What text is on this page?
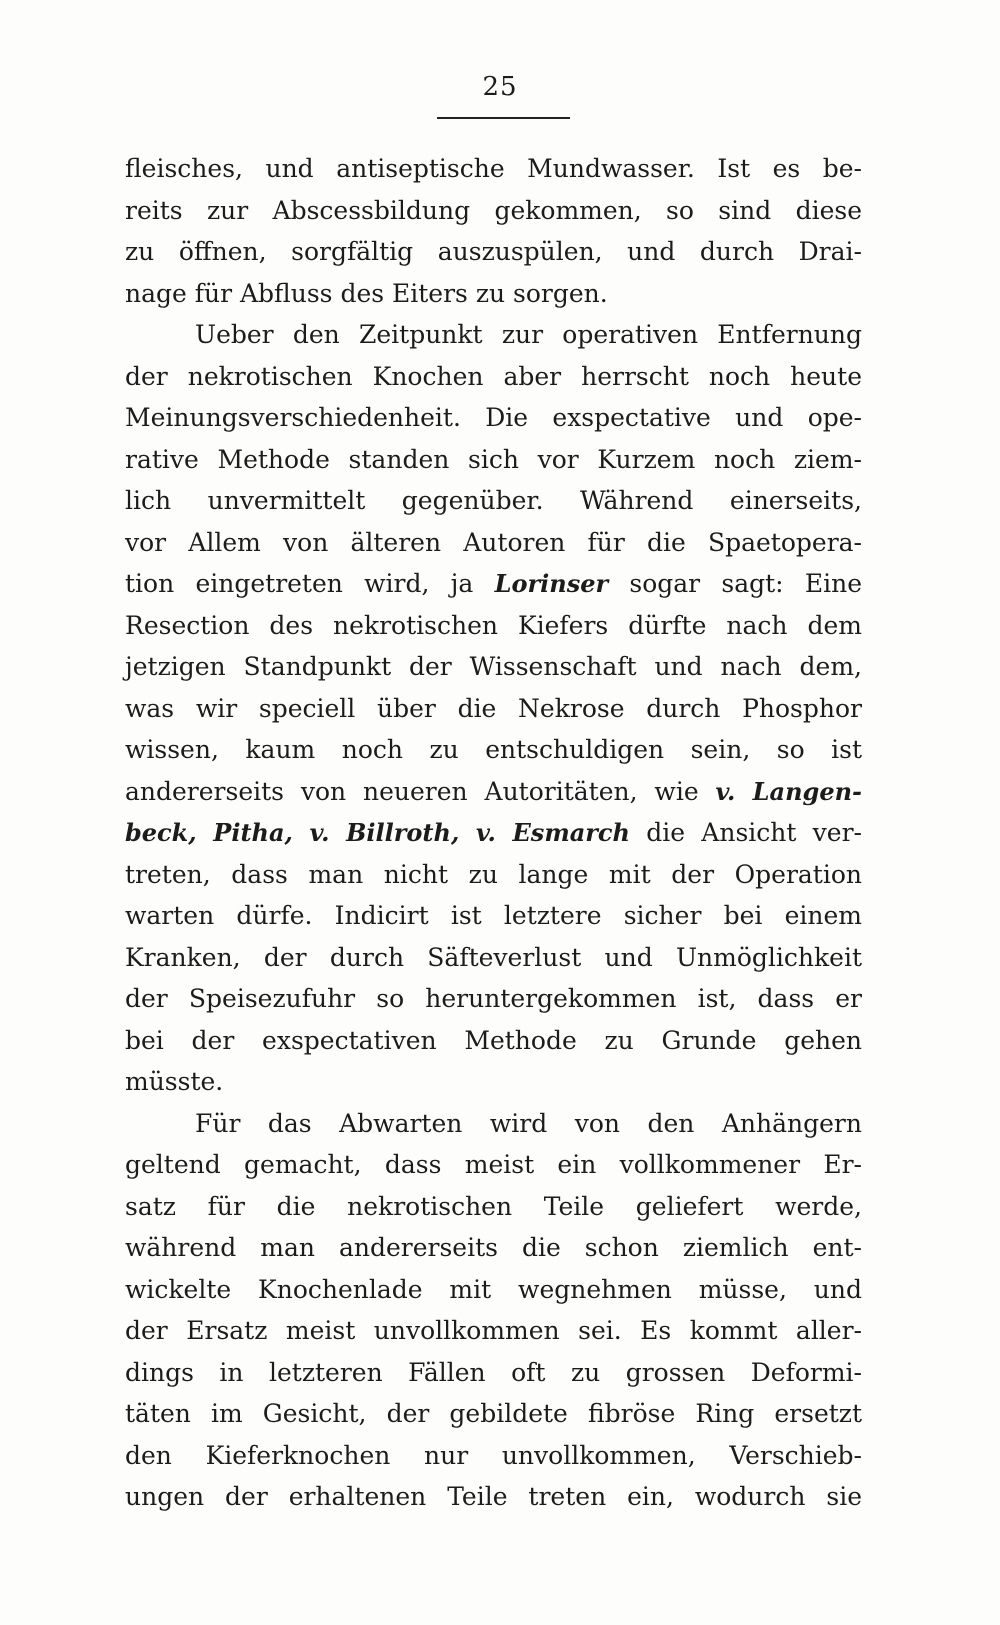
25
fleisches, und antiseptische Mundwasser. Ist es be-
reits zur Abscessbildung gekommen, so sind diese
zu öffnen, sorgfältig auszuspülen, und durch Drai-
nage für Abfluss des Eiters zu sorgen.
Ueber den Zeitpunkt zur operativen Entfernung
der nekrotischen Knochen aber herrscht noch heute
Meinungsverschiedenheit. Die exspectative und ope-
rative Methode standen sich vor Kurzem noch ziem-
lich unvermittelt gegenüber. Während einerseits,
vor Allem von älteren Autoren für die Spaetopera-
tion eingetreten wird, ja Lorinser sogar sagt: Eine
Resection des nekrotischen Kiefers dürfte nach dem
jetzigen Standpunkt der Wissenschaft und nach dem,
was wir speciell über die Nekrose durch Phosphor
wissen, kaum noch zu entschuldigen sein, so ist
andererseits von neueren Autoritäten, wie v. Langen-
beck, Pitha, v. Billroth, v. Esmarch die Ansicht ver-
treten, dass man nicht zu lange mit der Operation
warten dürfe. Indicirt ist letztere sicher bei einem
Kranken, der durch Säfteverlust und Unmöglichkeit
der Speisezufuhr so heruntergekommen ist, dass er
bei der exspectativen Methode zu Grunde gehen
müsste.
Für das Abwarten wird von den Anhängern
geltend gemacht, dass meist ein vollkommener Er-
satz für die nekrotischen Teile geliefert werde,
während man andererseits die schon ziemlich ent-
wickelte Knochenlade mit wegnehmen müsse, und
der Ersatz meist unvollkommen sei. Es kommt aller-
dings in letzteren Fällen oft zu grossen Deformi-
täten im Gesicht, der gebildete fibröse Ring ersetzt
den Kieferknochen nur unvollkommen, Verschieb-
ungen der erhaltenen Teile treten ein, wodurch sie
